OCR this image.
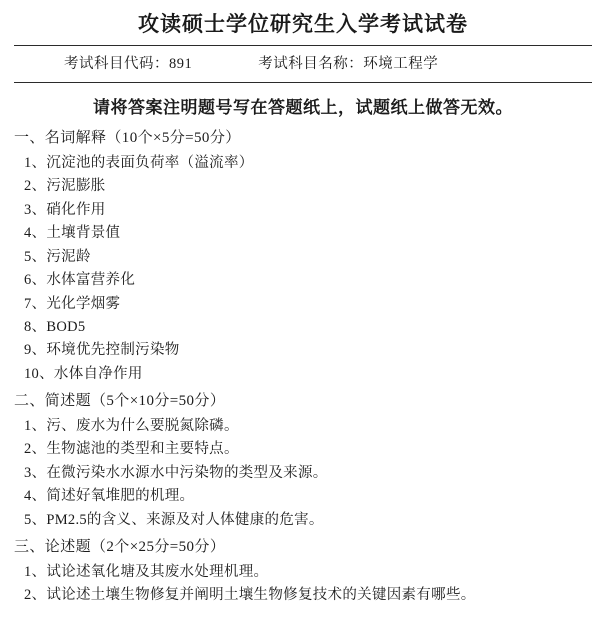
攻读硕士学位研究生入学考试试卷
考试科目代码：891	考试科目名称：环境工程学
请将答案注明题号写在答题纸上，试题纸上做答无效。
一、名词解释（10个×5分=50分）
1、沉淀池的表面负荷率（溢流率）
2、污泥膨胀
3、硝化作用
4、土壤背景值
5、污泥龄
6、水体富营养化
7、光化学烟雾
8、BOD5
9、环境优先控制污染物
10、水体自净作用
二、简述题（5个×10分=50分）
1、污、废水为什么要脱氮除磷。
2、生物滤池的类型和主要特点。
3、在微污染水水源水中污染物的类型及来源。
4、简述好氧堆肥的机理。
5、PM2.5的含义、来源及对人体健康的危害。
三、论述题（2个×25分=50分）
1、试论述氧化塘及其废水处理机理。
2、试论述土壤生物修复并阐明土壤生物修复技术的关键因素有哪些。
